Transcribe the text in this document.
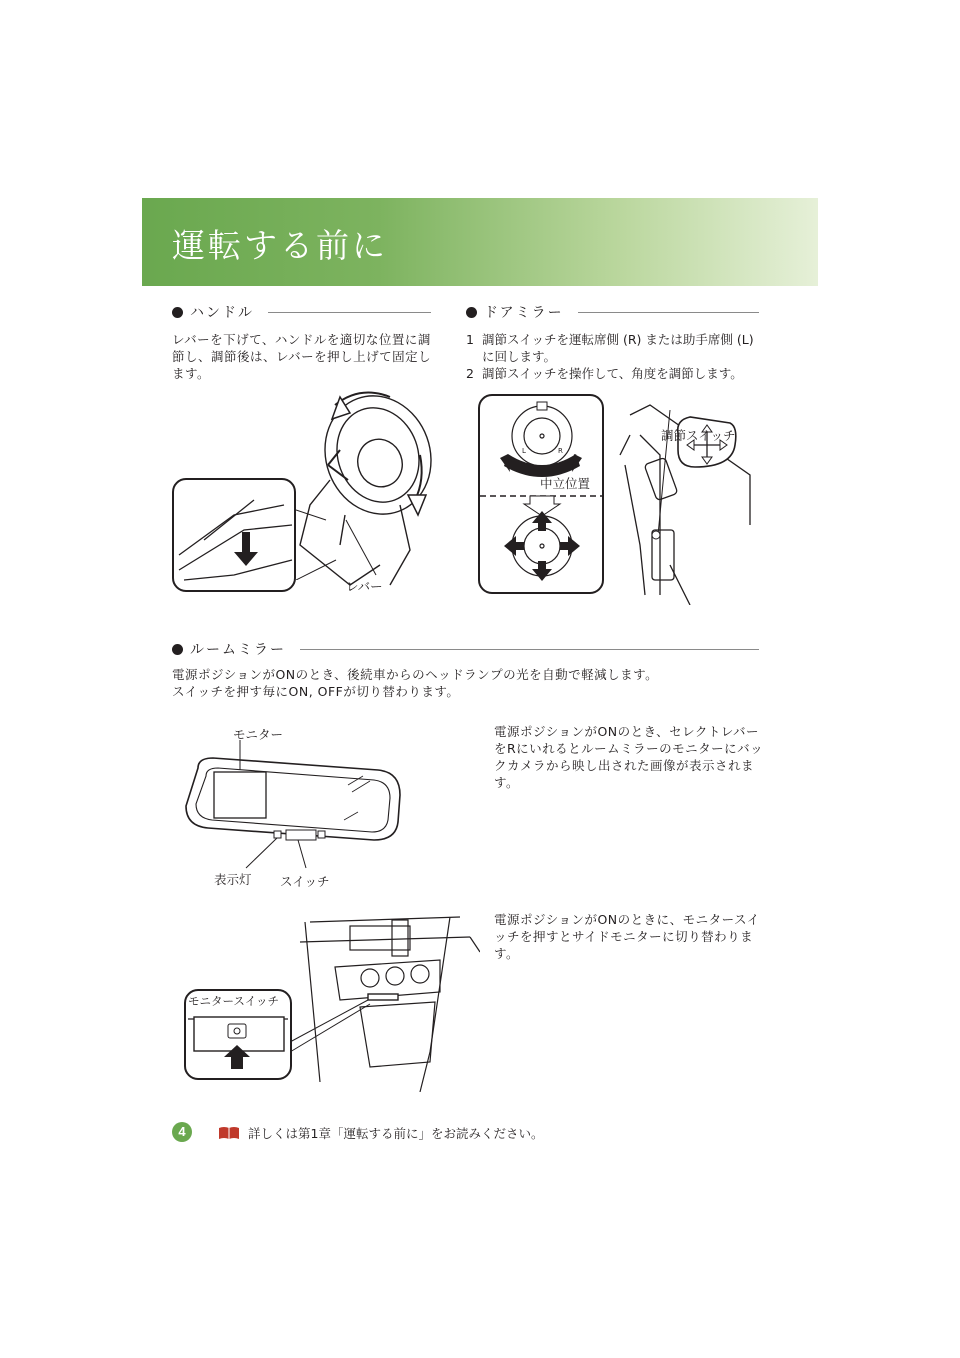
運転する前に
ハンドル
レバーを下げて、ハンドルを適切な位置に調節し、調節後は、レバーを押し上げて固定します。
レバー
ドアミラー
1 調節スイッチを運転席側 (R) または助手席側 (L) に回します。
2 調節スイッチを操作して、角度を調節します。
L	R
中立位置
調節スイッチ
ルームミラー
電源ポジションがONのとき、後続車からのヘッドランプの光を自動で軽減します。
スイッチを押す毎にON, OFFが切り替わります。
モニター
表示灯 スイッチ
電源ポジションがONのとき、セレクトレバーをRにいれるとルームミラーのモニターにバックカメラから映し出された画像が表示されます。
電源ポジションがONのときに、モニタースイッチを押すとサイドモニターに切り替わります。
モニタースイッチ
4	詳しくは第1章「運転する前に」をお読みください。
